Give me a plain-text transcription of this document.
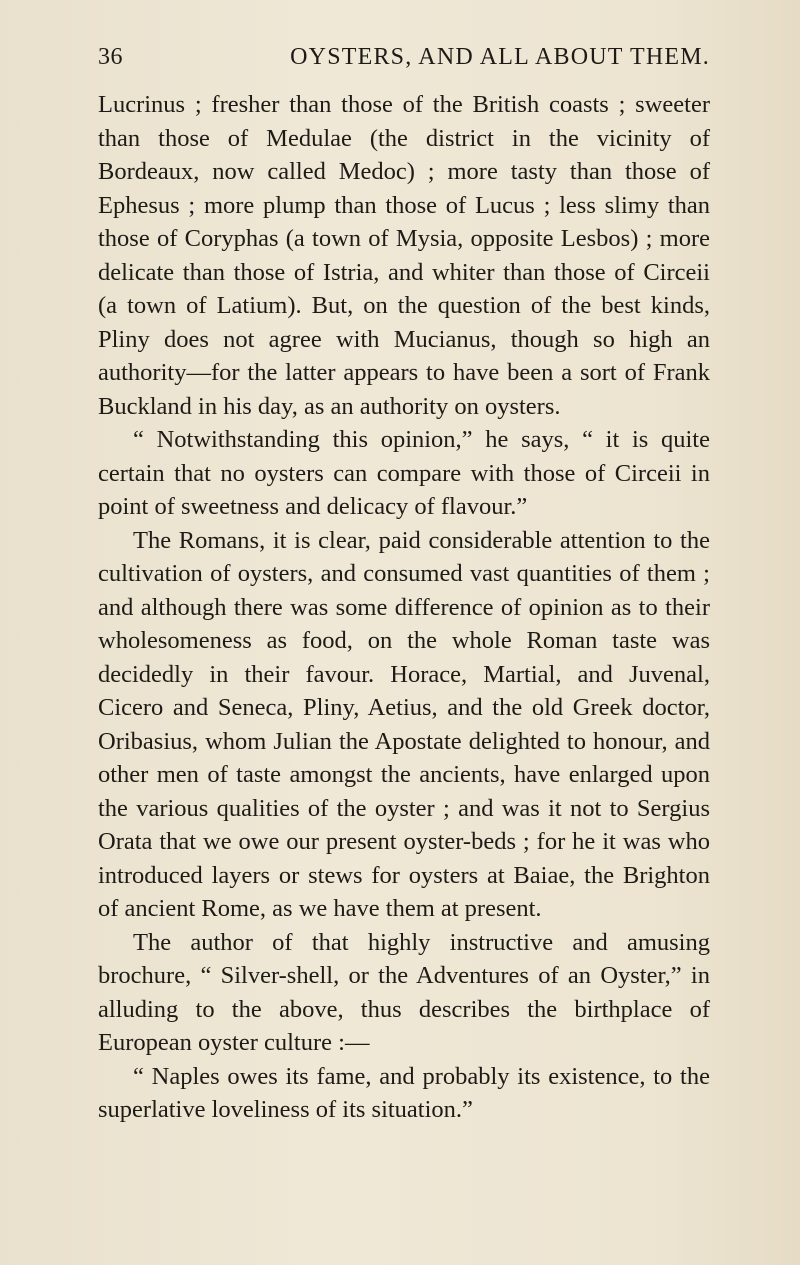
36	OYSTERS, AND ALL ABOUT THEM.

Lucrinus ; fresher than those of the British coasts ; sweeter than those of Medulae (the district in the vicinity of Bordeaux, now called Medoc) ; more tasty than those of Ephesus ; more plump than those of Lucus ; less slimy than those of Coryphas (a town of Mysia, opposite Lesbos) ; more delicate than those of Istria, and whiter than those of Circeii (a town of Latium). But, on the question of the best kinds, Pliny does not agree with Mucianus, though so high an authority—for the latter appears to have been a sort of Frank Buckland in his day, as an authority on oysters.

“ Notwithstanding this opinion,” he says, “ it is quite certain that no oysters can compare with those of Circeii in point of sweetness and delicacy of flavour.”

The Romans, it is clear, paid considerable attention to the cultivation of oysters, and consumed vast quantities of them ; and although there was some difference of opinion as to their wholesomeness as food, on the whole Roman taste was decidedly in their favour. Horace, Martial, and Juvenal, Cicero and Seneca, Pliny, Aetius, and the old Greek doctor, Oribasius, whom Julian the Apostate delighted to honour, and other men of taste amongst the ancients, have enlarged upon the various qualities of the oyster ; and was it not to Sergius Orata that we owe our present oyster-beds ; for he it was who introduced layers or stews for oysters at Baiae, the Brighton of ancient Rome, as we have them at present.

The author of that highly instructive and amusing brochure, “ Silver-shell, or the Adventures of an Oyster,” in alluding to the above, thus describes the birthplace of European oyster culture :—

“ Naples owes its fame, and probably its existence, to the superlative loveliness of its situation.”
